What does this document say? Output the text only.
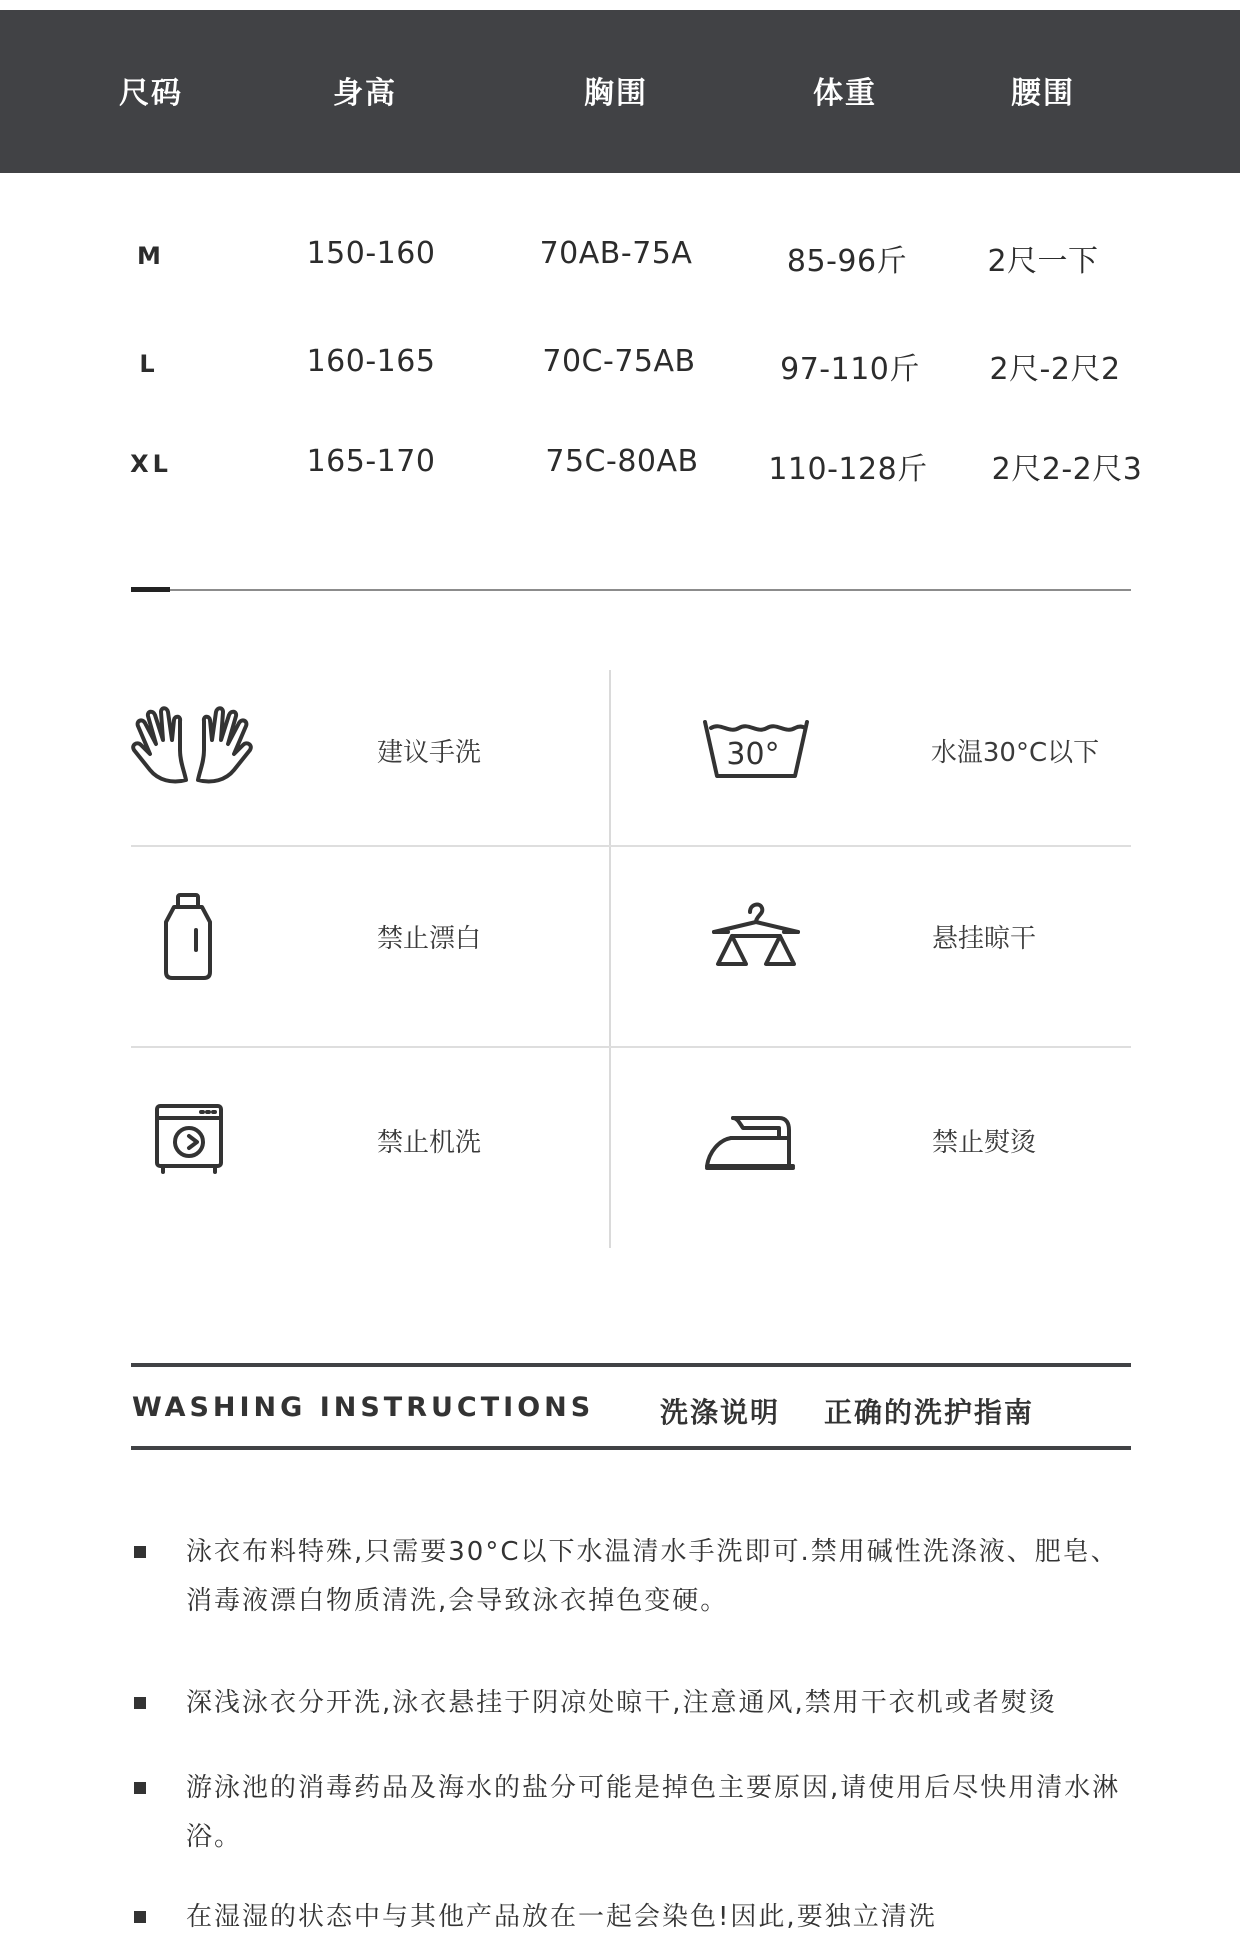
尺码	身高	胸围	体重	腰围
M	150-160	70AB-75A	85-96斤	2尺一下
L	160-165	70C-75AB	97-110斤 2尺-2尺2
XL	165-170	75C-80AB 110-128斤 2尺2-2尺3
建议手洗	30°	水温30°C以下
禁止漂白	悬挂晾干
禁止机洗	禁止熨烫
WASHING INSTRUCTIONS 洗涤说明 正确的洗护指南
泳衣布料特殊,只需要30°C以下水温清水手洗即可.禁用碱性洗涤液、肥皂、消毒液漂白物质清洗,会导致泳衣掉色变硬。
深浅泳衣分开洗,泳衣悬挂于阴凉处晾干,注意通风,禁用干衣机或者熨烫
游泳池的消毒药品及海水的盐分可能是掉色主要原因,请使用后尽快用清水淋浴。
在湿湿的状态中与其他产品放在一起会染色!因此,要独立清洗
